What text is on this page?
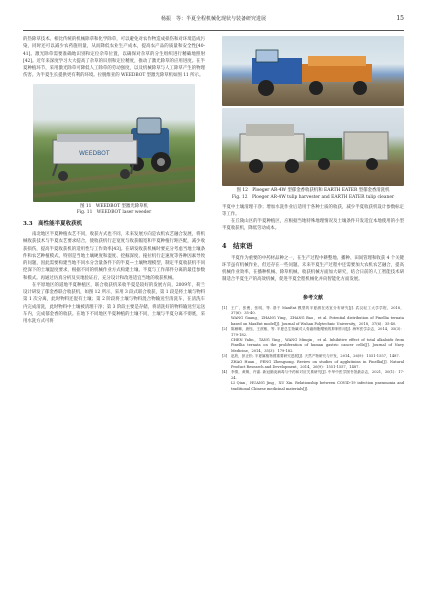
杨振　等：半夏全程机械化现状与装备研究进展	15

的热除草技术。相比传统的机械除草和化学除草，可以避免对农作物造成损伤和对环境造成污染，同时还可以减少农药施用量，从而降低农业生产成本，提高农产品的质量和安全性[40-41]。激光除草需要准确地识别和定位杂草位置，以确保对杂草的分生组织进行精确地照射[42]。近年来深度学习大大提高了杂草的识别和定位精度，推动了激光除草的应用进度。在半夏种植环节，采用激光除草可降低人工除草的劳动强度，以及机械除草与人工除草产生的物理伤害。为半夏生长提供更有利的环境。拉脱维亚的 WEEDBOT 型激光除草机如图 11 所示。

WEEDBOT
图 11　WEEDBOT 型激光除草机
Fig. 11　WEEDBOT laser weeder
3.3　高性能半夏收获机

南北地区半夏种植农艺不同，收获方式也不同，未来发展方向是农机农艺融合发展，将机械收获技术与半夏农艺要求结合，使收获机行走宽度与收获幅宽和半夏种植行距匹配，减少收获损伤，提高半夏收获机的适用性与工作效率[43]。在研发收获机械时要充分考虑当地土壤条件和农艺种植模式，特别是当地土壤硬度和湿度、挖掘深度、拖拉机行走速度等各种因素导致的问题，因此需要构建当地不同水分含量条件下的半夏—土壤物理模型，制定半夏收获机不同挖深下的土壤湿度要求，根据不同的机械作业方式构建土壤、半夏与工作部件分离的最佳参数和模式。再通过仿真分析及实地验证后，充分设计和改进适宜当地的收获机械。

在平原地区的道地半夏种植区，联合收获机采收半夏是较好的发展方向，2009年，荷兰设计研发了郁金香联合收获机，如图 12 所示，采用 3 段式联合收获，第 1 段是将土壤与物料第 1 次分离，此时物料还混有土壤；第 2 阶段将土壤与物料混合物输送至清洗车，在清洗车内完成清洗，此时物料中土壤被清理干净；第 3 阶段主要是存储，将清洗好的物料输送至运送车内，完成郁金香的收获。在地下不同地区半夏种植的土壤不同，土壤与半夏分离不彻底，采用水洗方式可将

图 12　Ploeger AR-4W 型郁金香收获机和 EARTH EATER 型郁金香清洗机
Fig. 12　Ploeger AR-4W tulip harvester and EARTH EATER tulip cleaner

半夏中土壤清理干净；增加水洗作业后适用于各种土质的收获，减少半夏收获机设计参数标定等工作。

在丘陵山区的半夏种植区，应根据当地特殊地理情况及土壤条件开发适宜本地使用的小型半夏收获机，降低劳动成本。

4　结束语

半夏作为重要的中药材品种之一，在生产过程中耕整地、播种、田间管理和收获 4 个关键环节虽有机械作业，但还存在一些问题。未来半夏生产过程中还需要加大农机农艺融合，提高机械作业效率，在播种机械、除草机械、收获机械方面加大研究，结合日前的人工智能技术研制适合半夏生产的高效机械，促进半夏全程机械化并向智能化方面发展。

参考文献
[1]	王广，张俊，张明，等. 基于 MaxEnt 模型的半夏潜在适宜分布研究[J]. 武汉轻工大学学报，2018，37(6)：35-40.
WANG Guang，ZHANG Ying，ZHANG Bao，et al. Potential distribution of Pinellia ternata based on MaxEnt model[J]. Journal of Wuhan Polytechnic University，2018，37(6)：35-40.
[2]	陈雁琳，唐钰，王溟敏，等. 半夏总生物碱对人骨癌细胞增殖的抑制作用[J]. 海军医学杂志，2014，35(3)：179-182.
CHEN Yalin，TANG Ying，WANG Minqin，et al. Inhibitive effect of total alkaloids from Pinellia ternata on the proliferation of human gastric cancer cells[J]. Journal of Navy Medicine，2014，35(3)：179-182.
[3]	赵欣，彭正松. 半夏属植物圆重要研究进展[J]. 天然产物研究与开发，2014，26(9)：1551-1557，1487.
ZHAO Huan，PENG Zhengsong. Review on studies of agglutinins in Pinellia[J]. Natural Product Research and Development，2014，26(9)：1551-1557，1487.
[4]	李倩，黄嫣，许嘉. 新冠肺炎病毒与中药和对应关系研究[J]. 中华中医学图书馆最杂志，2021，30(1)：17-24.
LI Qian，HUANG Jing，XU Xin. Relationship between COVID-19 infection pneumonia and traditional Chinese medicinal materials[J].
